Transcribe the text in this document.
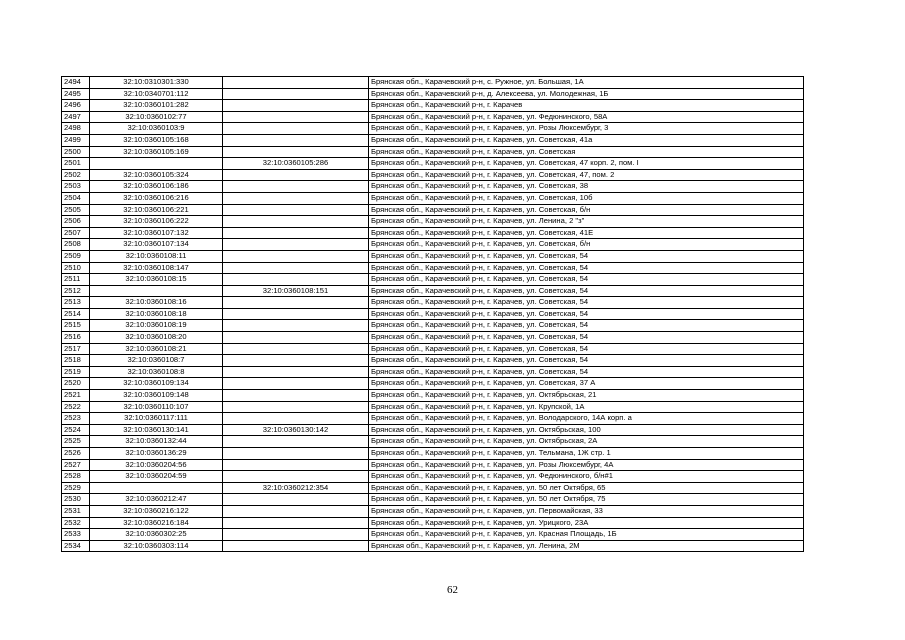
2494	32:10:0310301:330		Брянская обл., Карачевский р-н, с. Ружное, ул. Большая, 1А
2495	32:10:0340701:112		Брянская обл., Карачевский р-н, д. Алексеева, ул. Молодежная, 1Б
2496	32:10:0360101:282		Брянская обл., Карачевский р-н, г. Карачев
2497	32:10:0360102:77		Брянская обл., Карачевский р-н, г. Карачев, ул. Федюнинского, 58А
2498	32:10:0360103:9		Брянская обл., Карачевский р-н, г. Карачев, ул. Розы Люксембург, 3
2499	32:10:0360105:168		Брянская обл., Карачевский р-н, г. Карачев, ул. Советская, 41а
2500	32:10:0360105:169		Брянская обл., Карачевский р-н, г. Карачев, ул. Советская
2501		32:10:0360105:286	Брянская обл., Карачевский р-н, г. Карачев, ул. Советская, 47 корп. 2, пом. I
2502	32:10:0360105:324		Брянская обл., Карачевский р-н, г. Карачев, ул. Советская, 47, пом. 2
2503	32:10:0360106:186		Брянская обл., Карачевский р-н, г. Карачев, ул. Советская, 38
2504	32:10:0360106:216		Брянская обл., Карачевский р-н, г. Карачев, ул. Советская, 10б
2505	32:10:0360106:221		Брянская обл., Карачевский р-н, г. Карачев, ул. Советская, б/н
2506	32:10:0360106:222		Брянская обл., Карачевский р-н, г. Карачев, ул. Ленина, 2 "з"
2507	32:10:0360107:132		Брянская обл., Карачевский р-н, г. Карачев, ул. Советская, 41Е
2508	32:10:0360107:134		Брянская обл., Карачевский р-н, г. Карачев, ул. Советская, б/н
2509	32:10:0360108:11		Брянская обл., Карачевский р-н, г. Карачев, ул. Советская, 54
2510	32:10:0360108:147		Брянская обл., Карачевский р-н, г. Карачев, ул. Советская, 54
2511	32:10:0360108:15		Брянская обл., Карачевский р-н, г. Карачев, ул. Советская, 54
2512		32:10:0360108:151	Брянская обл., Карачевский р-н, г. Карачев, ул. Советская, 54
2513	32:10:0360108:16		Брянская обл., Карачевский р-н, г. Карачев, ул. Советская, 54
2514	32:10:0360108:18		Брянская обл., Карачевский р-н, г. Карачев, ул. Советская, 54
2515	32:10:0360108:19		Брянская обл., Карачевский р-н, г. Карачев, ул. Советская, 54
2516	32:10:0360108:20		Брянская обл., Карачевский р-н, г. Карачев, ул. Советская, 54
2517	32:10:0360108:21		Брянская обл., Карачевский р-н, г. Карачев, ул. Советская, 54
2518	32:10:0360108:7		Брянская обл., Карачевский р-н, г. Карачев, ул. Советская, 54
2519	32:10:0360108:8		Брянская обл., Карачевский р-н, г. Карачев, ул. Советская, 54
2520	32:10:0360109:134		Брянская обл., Карачевский р-н, г. Карачев, ул. Советская, 37 А
2521	32:10:0360109:148		Брянская обл., Карачевский р-н, г. Карачев, ул. Октябрьская, 21
2522	32:10:0360110:107		Брянская обл., Карачевский р-н, г. Карачев, ул. Крупской, 1А
2523	32:10:0360117:111		Брянская обл., Карачевский р-н, г. Карачев, ул. Володарского, 14А корп. а
2524	32:10:0360130:141	32:10:0360130:142	Брянская обл., Карачевский р-н, г. Карачев, ул. Октябрьская, 100
2525	32:10:0360132:44		Брянская обл., Карачевский р-н, г. Карачев, ул. Октябрьская, 2А
2526	32:10:0360136:29		Брянская обл., Карачевский р-н, г. Карачев, ул. Тельмана, 1Ж стр. 1
2527	32:10:0360204:56		Брянская обл., Карачевский р-н, г. Карачев, ул. Розы Люксембург, 4А
2528	32:10:0360204:59		Брянская обл., Карачевский р-н, г. Карачев, ул. Федюнинского, б/н#1
2529		32:10:0360212:354	Брянская обл., Карачевский р-н, г. Карачев, ул. 50 лет Октября, 65
2530	32:10:0360212:47		Брянская обл., Карачевский р-н, г. Карачев, ул. 50 лет Октября, 75
2531	32:10:0360216:122		Брянская обл., Карачевский р-н, г. Карачев, ул. Первомайская, 33
2532	32:10:0360216:184		Брянская обл., Карачевский р-н, г. Карачев, ул. Урицкого, 23А
2533	32:10:0360302:25		Брянская обл., Карачевский р-н, г. Карачев, ул. Красная Площадь, 1Б
2534	32:10:0360303:114		Брянская обл., Карачевский р-н, г. Карачев, ул. Ленина, 2М
62
